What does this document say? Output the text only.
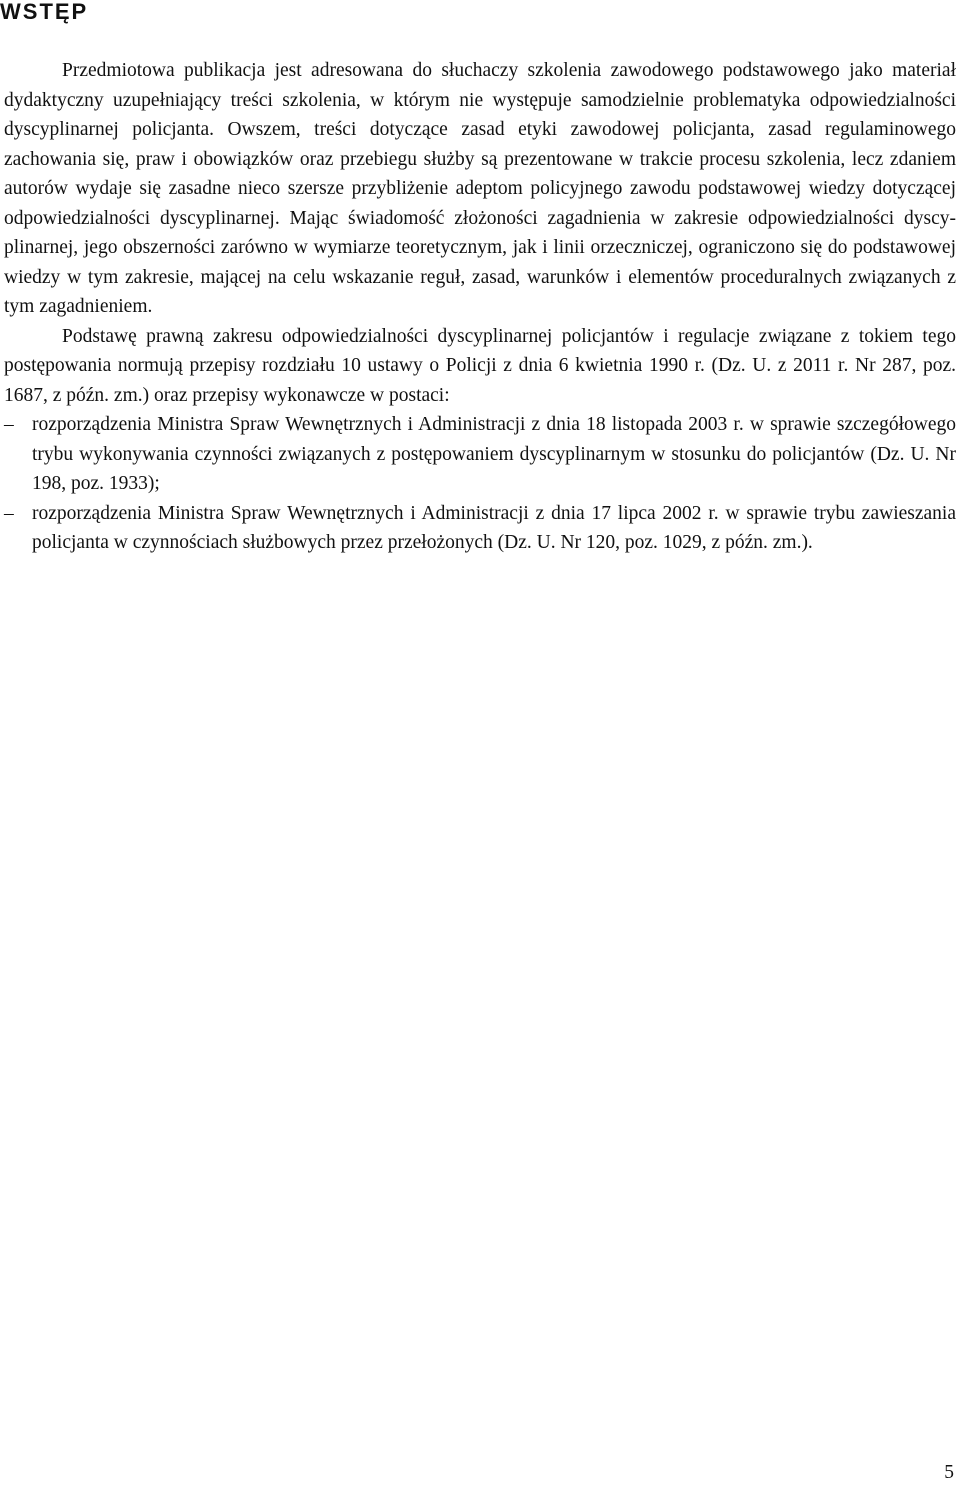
WSTĘP

Przedmiotowa publikacja jest adresowana do słuchaczy szkolenia zawodowego podstawowego jako materiał dydaktyczny uzupełniający treści szkolenia, w którym nie występuje samodzielnie problematyka odpowiedzialności dyscyplinarnej policjanta. Owszem, treści dotyczące zasad etyki zawodowej policjanta, zasad regulaminowego zachowania się, praw i obowiązków oraz przebiegu służby są prezentowane w trakcie procesu szkolenia, lecz zdaniem autorów wydaje się zasadne nieco szersze przybliżenie adeptom policyjnego zawodu podstawowej wiedzy dotyczącej odpowiedzialności dyscyplinarnej. Mając świadomość złożoności zagadnienia w zakresie odpowiedzialności dyscyplinarnej, jego obszerności zarówno w wymiarze teoretycznym, jak i linii orzeczniczej, ograniczono się do podstawowej wiedzy w tym zakresie, mającej na celu wskazanie reguł, zasad, warunków i elementów proceduralnych związanych z tym zagadnieniem.

Podstawę prawną zakresu odpowiedzialności dyscyplinarnej policjantów i regulacje związane z tokiem tego postępowania normują przepisy rozdziału 10 ustawy o Policji z dnia 6 kwietnia 1990 r. (Dz. U. z 2011 r. Nr 287, poz. 1687, z późn. zm.) oraz przepisy wykonawcze w postaci:

– rozporządzenia Ministra Spraw Wewnętrznych i Administracji z dnia 18 listopada 2003 r. w sprawie szczegółowego trybu wykonywania czynności związanych z postępowaniem dyscyplinarnym w stosunku do policjantów (Dz. U. Nr 198, poz. 1933);
– rozporządzenia Ministra Spraw Wewnętrznych i Administracji z dnia 17 lipca 2002 r. w sprawie trybu zawieszania policjanta w czynnościach służbowych przez przełożonych (Dz. U. Nr 120, poz. 1029, z późn. zm.).
5
